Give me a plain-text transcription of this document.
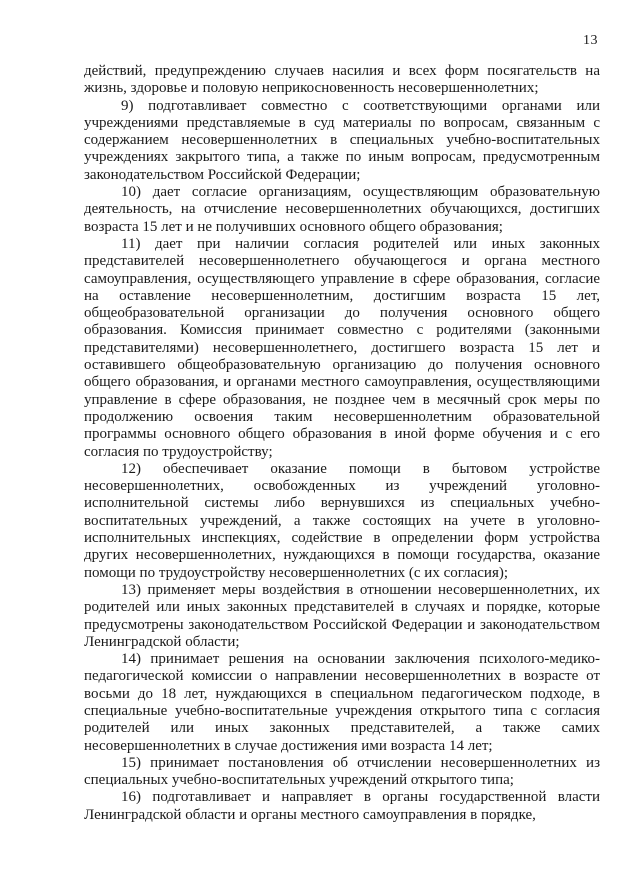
13

действий, предупреждению случаев насилия и всех форм посягательств на жизнь, здоровье и половую неприкосновенность несовершеннолетних;

9) подготавливает совместно с соответствующими органами или учреждениями представляемые в суд материалы по вопросам, связанным с содержанием несовершеннолетних в специальных учебно-воспитательных учреждениях закрытого типа, а также по иным вопросам, предусмотренным законодательством Российской Федерации;

10) дает согласие организациям, осуществляющим образовательную деятельность, на отчисление несовершеннолетних обучающихся, достигших возраста 15 лет и не получивших основного общего образования;

11) дает при наличии согласия родителей или иных законных представителей несовершеннолетнего обучающегося и органа местного самоуправления, осуществляющего управление в сфере образования, согласие на оставление несовершеннолетним, достигшим возраста 15 лет, общеобразовательной организации до получения основного общего образования. Комиссия принимает совместно с родителями (законными представителями) несовершеннолетнего, достигшего возраста 15 лет и оставившего общеобразовательную организацию до получения основного общего образования, и органами местного самоуправления, осуществляющими управление в сфере образования, не позднее чем в месячный срок меры по продолжению освоения таким несовершеннолетним образовательной программы основного общего образования в иной форме обучения и с его согласия по трудоустройству;

12) обеспечивает оказание помощи в бытовом устройстве несовершеннолетних, освобожденных из учреждений уголовно-исполнительной системы либо вернувшихся из специальных учебно-воспитательных учреждений, а также состоящих на учете в уголовно-исполнительных инспекциях, содействие в определении форм устройства других несовершеннолетних, нуждающихся в помощи государства, оказание помощи по трудоустройству несовершеннолетних (с их согласия);

13) применяет меры воздействия в отношении несовершеннолетних, их родителей или иных законных представителей в случаях и порядке, которые предусмотрены законодательством Российской Федерации и законодательством Ленинградской области;

14) принимает решения на основании заключения психолого-медико-педагогической комиссии о направлении несовершеннолетних в возрасте от восьми до 18 лет, нуждающихся в специальном педагогическом подходе, в специальные учебно-воспитательные учреждения открытого типа с согласия родителей или иных законных представителей, а также самих несовершеннолетних в случае достижения ими возраста 14 лет;

15) принимает постановления об отчислении несовершеннолетних из специальных учебно-воспитательных учреждений открытого типа;

16) подготавливает и направляет в органы государственной власти Ленинградской области и органы местного самоуправления в порядке,
